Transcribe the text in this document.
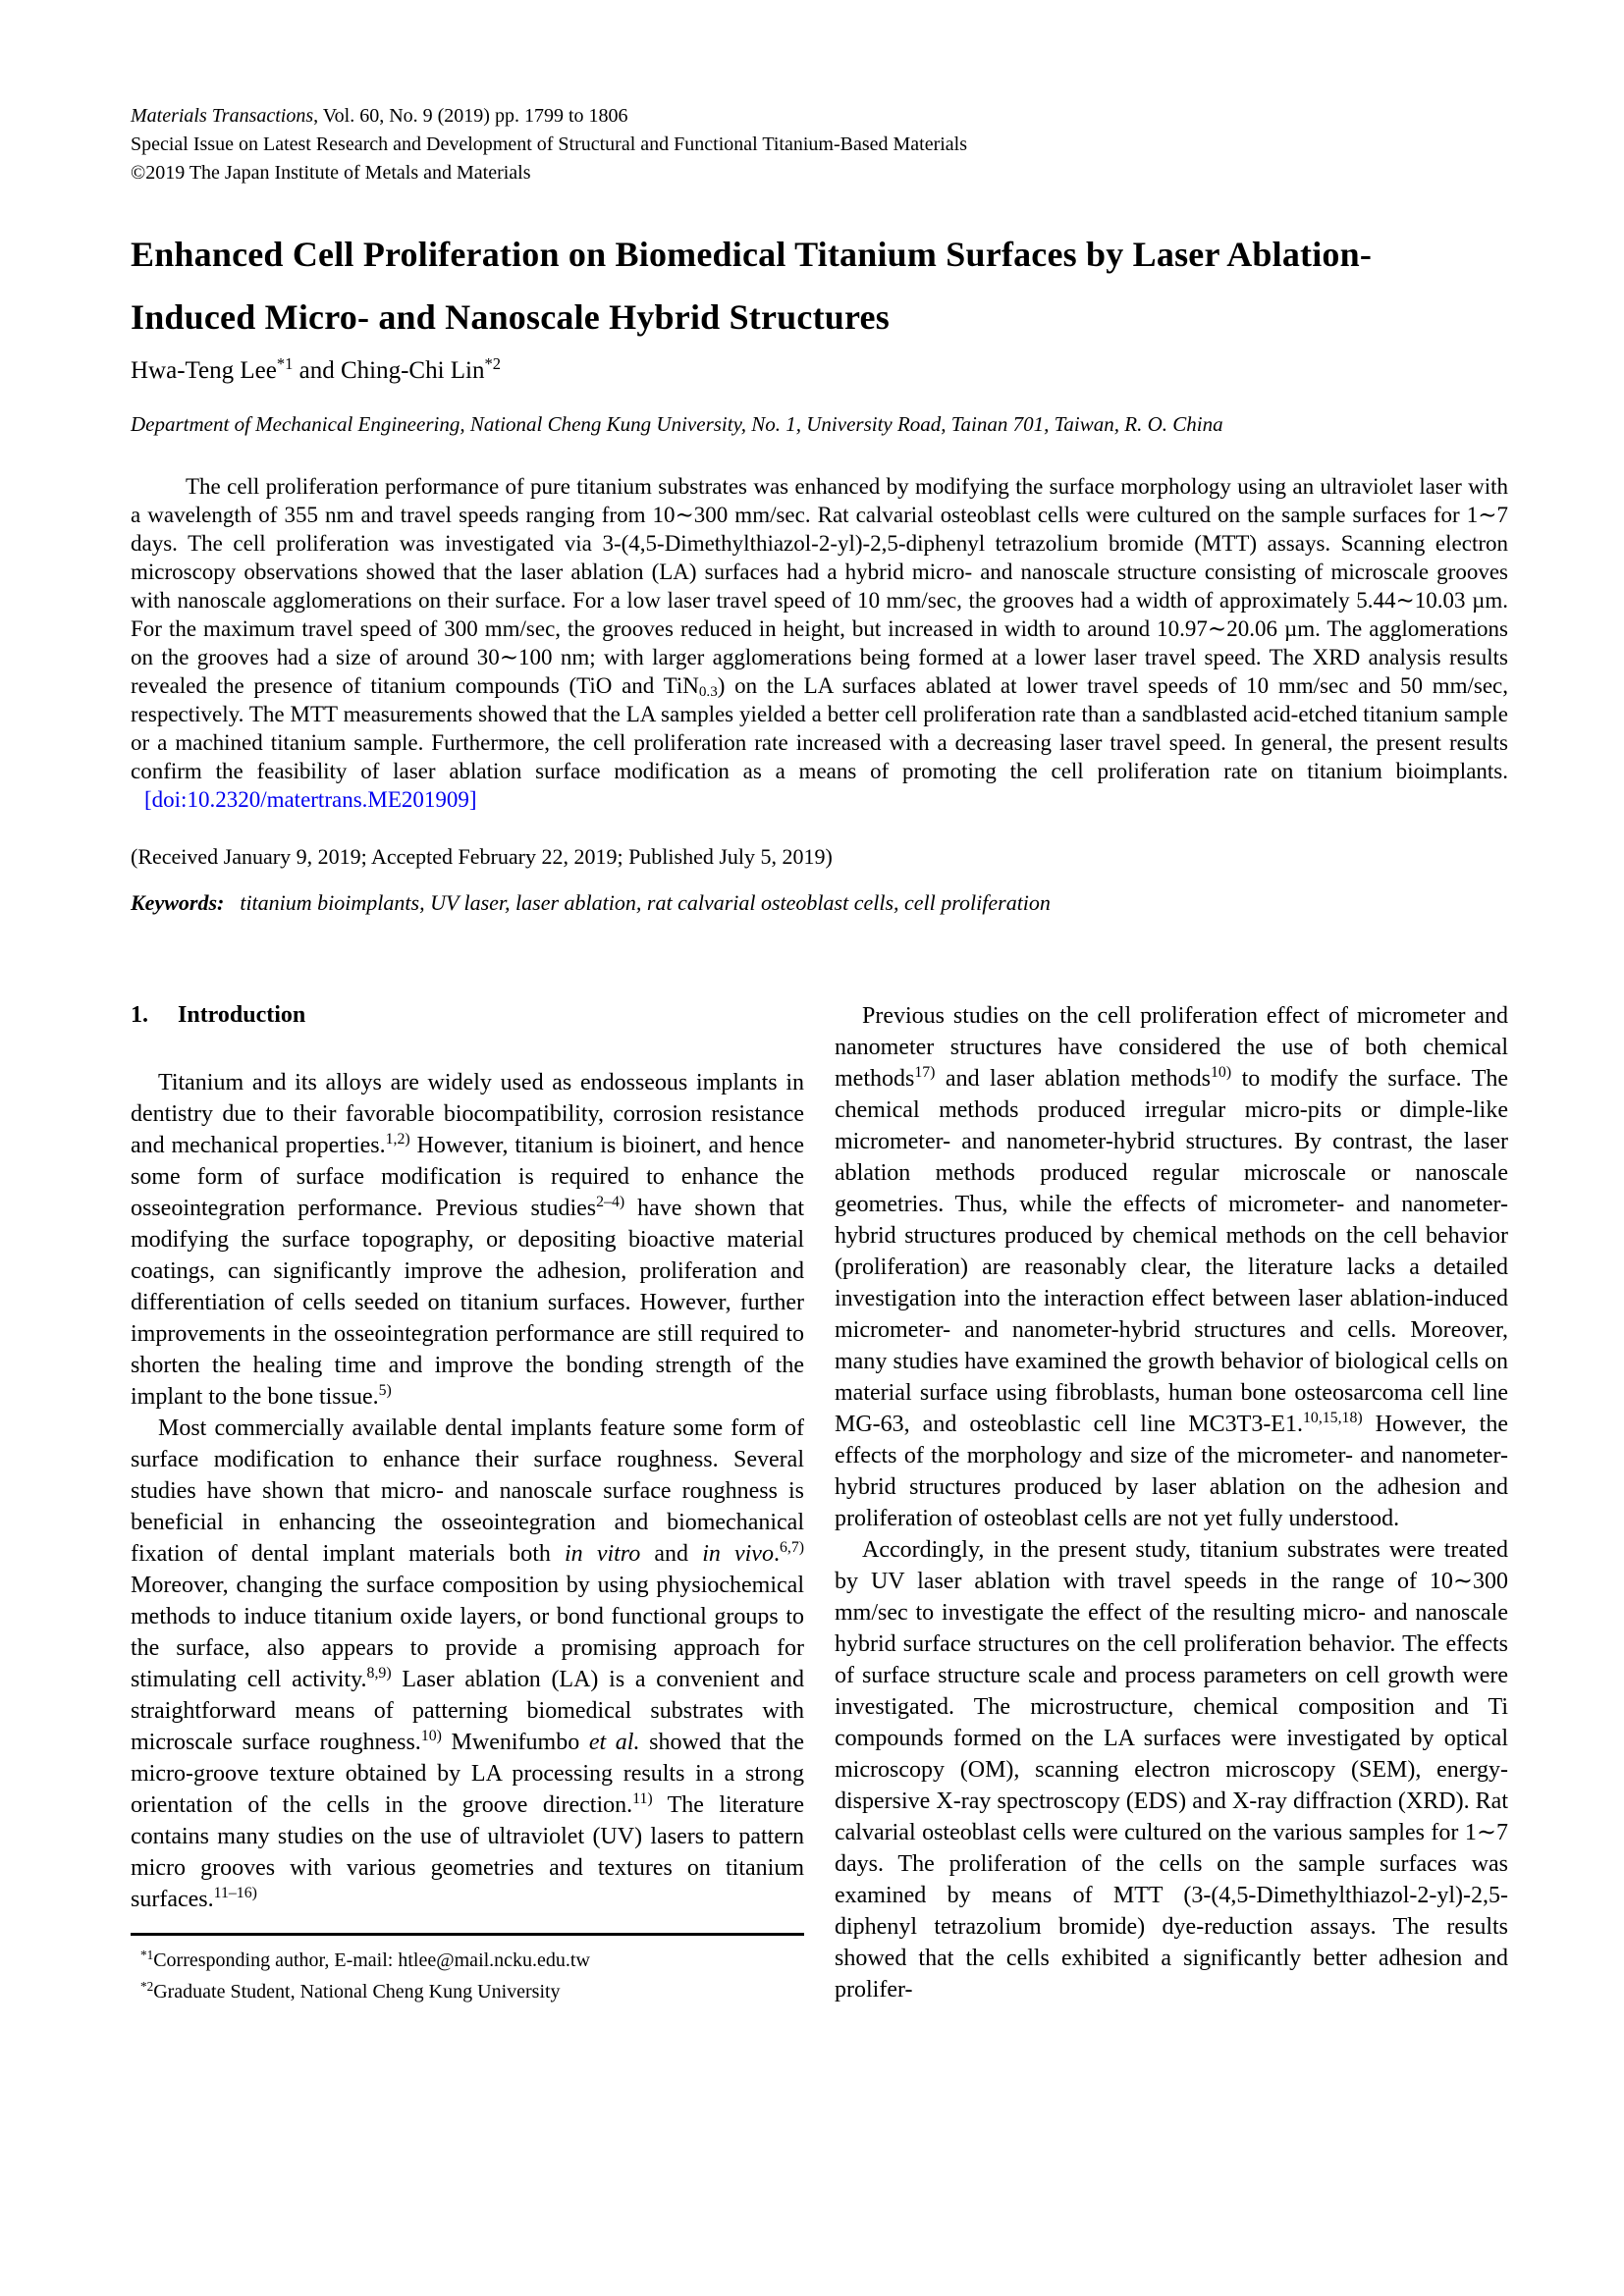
Materials Transactions, Vol. 60, No. 9 (2019) pp. 1799 to 1806
Special Issue on Latest Research and Development of Structural and Functional Titanium-Based Materials
©2019 The Japan Institute of Metals and Materials
Enhanced Cell Proliferation on Biomedical Titanium Surfaces by Laser Ablation-
Induced Micro- and Nanoscale Hybrid Structures
Hwa-Teng Lee$^{*1}$ and Ching-Chi Lin$^{*2}$
Department of Mechanical Engineering, National Cheng Kung University, No. 1, University Road, Tainan 701, Taiwan, R. O. China

The cell proliferation performance of pure titanium substrates was enhanced by modifying the surface morphology using an ultraviolet laser with a wavelength of 355 nm and travel speeds ranging from 10∼300 mm/sec. Rat calvarial osteoblast cells were cultured on the sample surfaces for 1∼7 days. The cell proliferation was investigated via 3-(4,5-Dimethylthiazol-2-yl)-2,5-diphenyl tetrazolium bromide (MTT) assays. Scanning electron microscopy observations showed that the laser ablation (LA) surfaces had a hybrid micro- and nanoscale structure consisting of microscale grooves with nanoscale agglomerations on their surface. For a low laser travel speed of 10 mm/sec, the grooves had a width of approximately 5.44∼10.03 µm. For the maximum travel speed of 300 mm/sec, the grooves reduced in height, but increased in width to around 10.97∼20.06 µm. The agglomerations on the grooves had a size of around 30∼100 nm; with larger agglomerations being formed at a lower laser travel speed. The XRD analysis results revealed the presence of titanium compounds (TiO and TiN0.3) on the LA surfaces ablated at lower travel speeds of 10 mm/sec and 50 mm/sec, respectively. The MTT measurements showed that the LA samples yielded a better cell proliferation rate than a sandblasted acid-etched titanium sample or a machined titanium sample. Furthermore, the cell proliferation rate increased with a decreasing laser travel speed. In general, the present results confirm the feasibility of laser ablation surface modification as a means of promoting the cell proliferation rate on titanium bioimplants.[doi:10.2320/matertrans.ME201909]

(Received January 9, 2019; Accepted February 22, 2019; Published July 5, 2019)
Keywords: titanium bioimplants, UV laser, laser ablation, rat calvarial osteoblast cells, cell proliferation
1. Introduction

Titanium and its alloys are widely used as endosseous implants in dentistry due to their favorable biocompatibility, corrosion resistance and mechanical properties.$^{1,2)}$ However, titanium is bioinert, and hence some form of surface modification is required to enhance the osseointegration performance. Previous studies$^{2-4)}$ have shown that modifying the surface topography, or depositing bioactive material coatings, can significantly improve the adhesion, proliferation and differentiation of cells seeded on titanium surfaces. However, further improvements in the osseointegration performance are still required to shorten the healing time and improve the bonding strength of the implant to the bone tissue.$^{5)}$

Most commercially available dental implants feature some form of surface modification to enhance their surface roughness. Several studies have shown that micro- and nanoscale surface roughness is beneficial in enhancing the osseointegration and biomechanical fixation of dental implant materials both in vitro and in vivo.$^{6,7)}$ Moreover, changing the surface composition by using physiochemical methods to induce titanium oxide layers, or bond functional groups to the surface, also appears to provide a promising approach for stimulating cell activity.$^{8,9)}$ Laser ablation (LA) is a convenient and straightforward means of patterning biomedical substrates with microscale surface roughness.$^{10)}$ Mwenifumbo et al. showed that the micro-groove texture obtained by LA processing results in a strong orientation of the cells in the groove direction.$^{11)}$ The literature contains many studies on the use of ultraviolet (UV) lasers to pattern micro grooves with various geometries and textures on titanium surfaces.$^{11-16)}$

$^{*1}$Corresponding author, E-mail: htlee@mail.ncku.edu.tw
$^{*2}$Graduate Student, National Cheng Kung University

Previous studies on the cell proliferation effect of micrometer and nanometer structures have considered the use of both chemical methods$^{17)}$ and laser ablation methods$^{10)}$ to modify the surface. The chemical methods produced irregular micro-pits or dimple-like micrometer- and nanometer-hybrid structures. By contrast, the laser ablation methods produced regular microscale or nanoscale geometries. Thus, while the effects of micrometer- and nanometer-hybrid structures produced by chemical methods on the cell behavior (proliferation) are reasonably clear, the literature lacks a detailed investigation into the interaction effect between laser ablation-induced micrometer- and nanometer-hybrid structures and cells. Moreover, many studies have examined the growth behavior of biological cells on material surface using fibroblasts, human bone osteosarcoma cell line MG-63, and osteoblastic cell line MC3T3-E1.$^{10,15,18)}$ However, the effects of the morphology and size of the micrometer- and nanometer-hybrid structures produced by laser ablation on the adhesion and proliferation of osteoblast cells are not yet fully understood.

Accordingly, in the present study, titanium substrates were treated by UV laser ablation with travel speeds in the range of 10∼300 mm/sec to investigate the effect of the resulting micro- and nanoscale hybrid surface structures on the cell proliferation behavior. The effects of surface structure scale and process parameters on cell growth were investigated. The microstructure, chemical composition and Ti compounds formed on the LA surfaces were investigated by optical microscopy (OM), scanning electron microscopy (SEM), energy-dispersive X-ray spectroscopy (EDS) and X-ray diffraction (XRD). Rat calvarial osteoblast cells were cultured on the various samples for 1∼7 days. The proliferation of the cells on the sample surfaces was examined by means of MTT (3-(4,5-Dimethylthiazol-2-yl)-2,5-diphenyl tetrazolium bromide) dye-reduction assays. The results showed that the cells exhibited a significantly better adhesion and prolifer-
